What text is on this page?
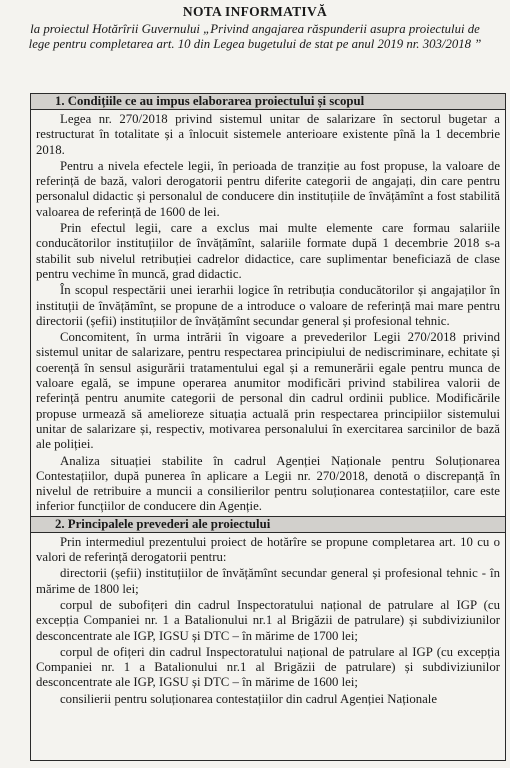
NOTA INFORMATIVĂ
la proiectul Hotărîrii Guvernului „Privind angajarea răspunderii asupra proiectului de lege pentru completarea art. 10 din Legea bugetului de stat pe anul 2019 nr. 303/2018 ”
1. Condițiile ce au impus elaborarea proiectului și scopul

Legea nr. 270/2018 privind sistemul unitar de salarizare în sectorul bugetar a restructurat în totalitate și a înlocuit sistemele anterioare existente pînă la 1 decembrie 2018.

Pentru a nivela efectele legii, în perioada de tranziție au fost propuse, la valoare de referință de bază, valori derogatorii pentru diferite categorii de angajați, din care pentru personalul didactic și personalul de conducere din instituțiile de învățămînt a fost stabilită valoarea de referință de 1600 de lei.

Prin efectul legii, care a exclus mai multe elemente care formau salariile conducătorilor instituțiilor de învățămînt, salariile formate după 1 decembrie 2018 s-a stabilit sub nivelul retribuției cadrelor didactice, care suplimentar beneficiază de clase pentru vechime în muncă, grad didactic.

În scopul respectării unei ierarhii logice în retribuția conducătorilor și angajaților în instituții de învățămînt, se propune de a introduce o valoare de referință mai mare pentru directorii (șefii) instituțiilor de învățămînt secundar general și profesional tehnic.

Concomitent, în urma intrării în vigoare a prevederilor Legii 270/2018 privind sistemul unitar de salarizare, pentru respectarea principiului de nediscriminare, echitate și coerență în sensul asigurării tratamentului egal și a remunerării egale pentru munca de valoare egală, se impune operarea anumitor modificări privind stabilirea valorii de referință pentru anumite categorii de personal din cadrul ordinii publice. Modificările propuse urmează să amelioreze situația actuală prin respectarea principiilor sistemului unitar de salarizare și, respectiv, motivarea personalului în exercitarea sarcinilor de bază ale poliției.

Analiza situației stabilite în cadrul Agenției Naționale pentru Soluționarea Contestațiilor, după punerea în aplicare a Legii nr. 270/2018, denotă o discrepanță în nivelul de retribuire a muncii a consilierilor pentru soluționarea contestațiilor, care este inferior funcțiilor de conducere din Agenție.

2. Principalele prevederi ale proiectului

Prin intermediul prezentului proiect de hotărîre se propune completarea art. 10 cu o valori de referință derogatorii pentru:

directorii (șefii) instituțiilor de învățămînt secundar general și profesional tehnic - în mărime de 1800 lei;

corpul de subofițeri din cadrul Inspectoratului național de patrulare al IGP (cu excepția Companiei nr. 1 a Batalionului nr.1 al Brigăzii de patrulare) și subdiviziunilor desconcentrate ale IGP, IGSU și DTC – în mărime de 1700 lei;

corpul de ofițeri din cadrul Inspectoratului național de patrulare al IGP (cu excepția Companiei nr. 1 a Batalionului nr.1 al Brigăzii de patrulare) și subdiviziunilor desconcentrate ale IGP, IGSU și DTC – în mărime de 1600 lei;

consilierii pentru soluționarea contestațiilor din cadrul Agenției Naționale
